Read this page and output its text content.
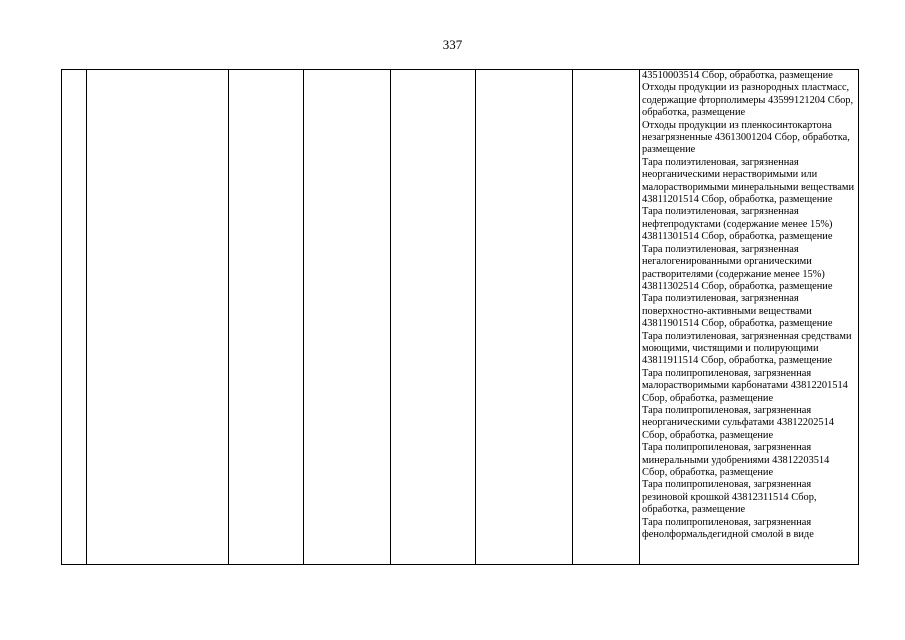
337

43510003514 Сбор, обработка, размещение
Отходы продукции из разнородных пластмасс, содержащие фторполимеры 43599121204 Сбор, обработка, размещение
Отходы продукции из пленкосинтокартона незагрязненные 43613001204 Сбор, обработка, размещение
Тара полиэтиленовая, загрязненная неорганическими нерастворимыми или малорастворимыми минеральными веществами 43811201514 Сбор, обработка, размещение
Тара полиэтиленовая, загрязненная нефтепродуктами (содержание менее 15%) 43811301514 Сбор, обработка, размещение
Тара полиэтиленовая, загрязненная негалогенированными органическими растворителями (содержание менее 15%) 43811302514 Сбор, обработка, размещение
Тара полиэтиленовая, загрязненная поверхностно-активными веществами 43811901514 Сбор, обработка, размещение
Тара полиэтиленовая, загрязненная средствами моющими, чистящими и полирующими 43811911514 Сбор, обработка, размещение
Тара полипропиленовая, загрязненная малорастворимыми карбонатами 43812201514 Сбор, обработка, размещение
Тара полипропиленовая, загрязненная неорганическими сульфатами 43812202514 Сбор, обработка, размещение
Тара полипропиленовая, загрязненная минеральными удобрениями 43812203514 Сбор, обработка, размещение
Тара полипропиленовая, загрязненная резиновой крошкой 43812311514 Сбор, обработка, размещение
Тара полипропиленовая, загрязненная фенолформальдегидной смолой в виде
